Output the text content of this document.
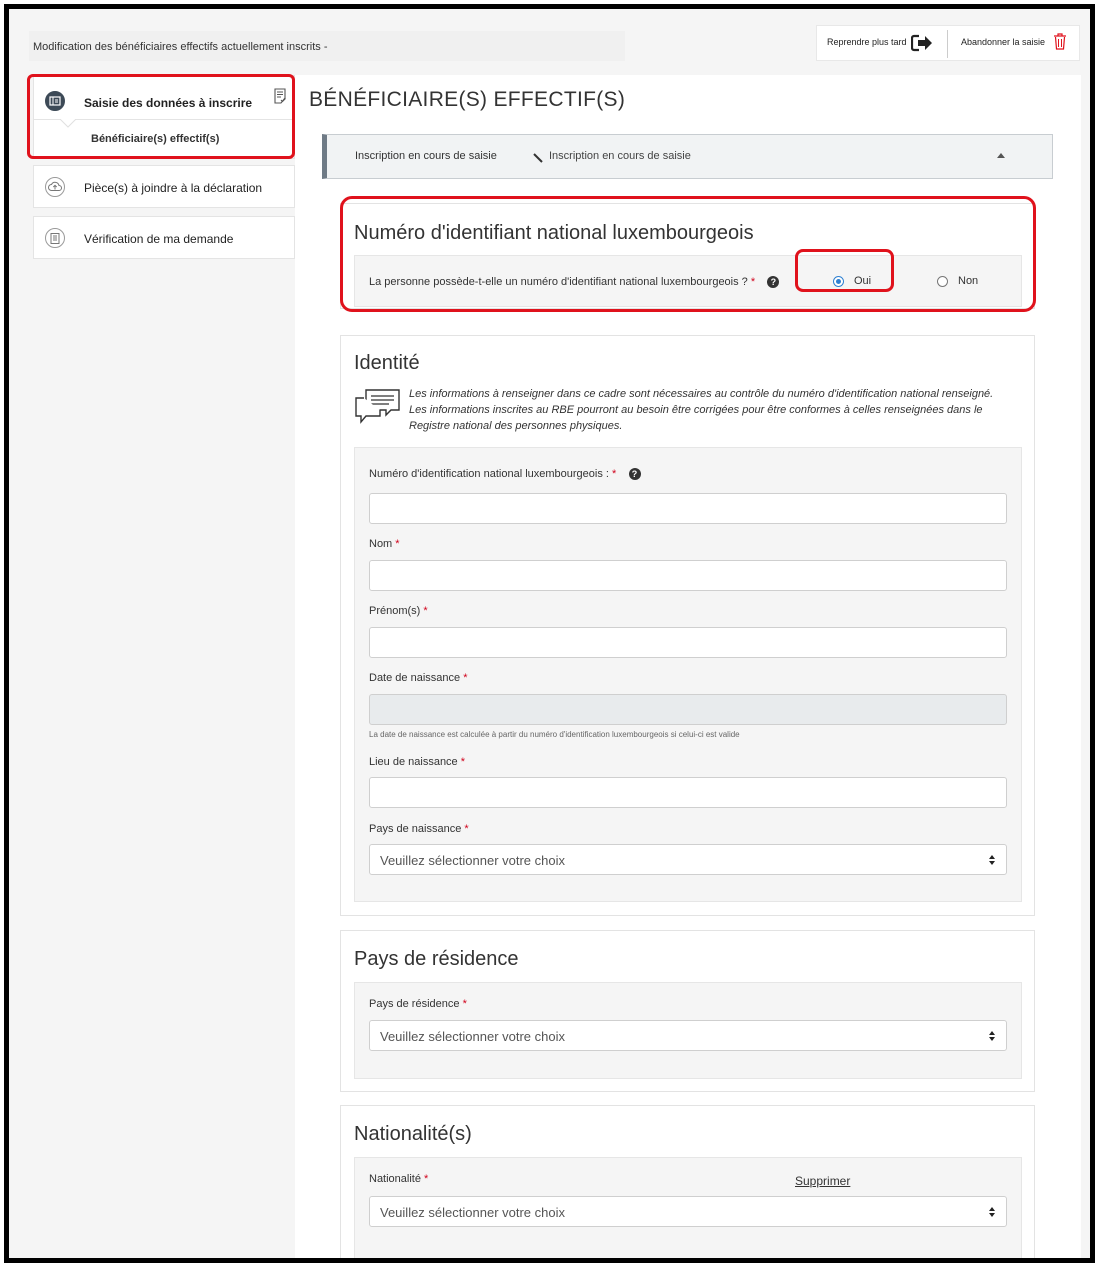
Modification des bénéficiaires effectifs actuellement inscrits -	Reprendre plus tard	Abandonner la saisie
Saisie des données à inscrire
Bénéficiaire(s) effectif(s)
Pièce(s) à joindre à la déclaration
Vérification de ma demande
BÉNÉFICIAIRE(S) EFFECTIF(S)
Inscription en cours de saisie	Inscription en cours de saisie
Numéro d'identifiant national luxembourgeois
La personne possède-t-elle un numéro d'identifiant national luxembourgeois ? * ?	Oui	Non
Identité
Les informations à renseigner dans ce cadre sont nécessaires au contrôle du numéro d'identification national renseigné. Les informations inscrites au RBE pourront au besoin être corrigées pour être conformes à celles renseignées dans le Registre national des personnes physiques.
Numéro d'identification national luxembourgeois : * ?
Nom *
Prénom(s) *
Date de naissance *
La date de naissance est calculée à partir du numéro d'identification luxembourgeois si celui-ci est valide
Lieu de naissance *
Pays de naissance *
Veuillez sélectionner votre choix
Pays de résidence
Pays de résidence *
Veuillez sélectionner votre choix
Nationalité(s)
Nationalité *	Supprimer
Veuillez sélectionner votre choix
